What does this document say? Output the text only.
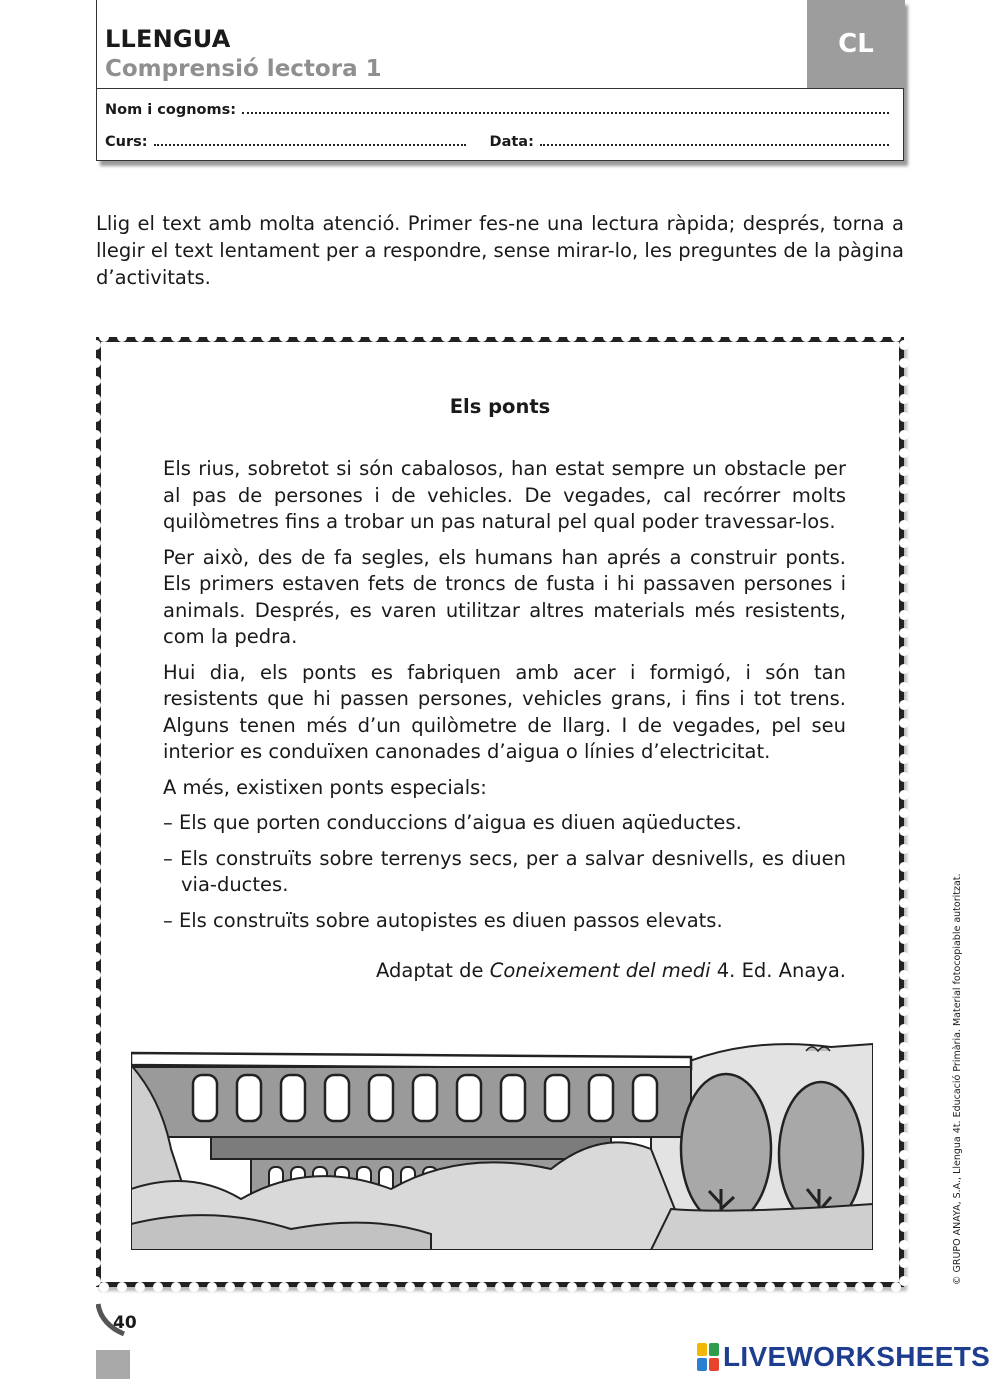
LLENGUA
Comprensió lectora 1
CL
Nom i cognoms:
Curs:	Data:
Llig el text amb molta atenció. Primer fes-ne una lectura ràpida; després, torna a llegir el text lentament per a respondre, sense mirar-lo, les preguntes de la pàgina d’activitats.
Els ponts

Els rius, sobretot si són cabalosos, han estat sempre un obstacle per al pas de persones i de vehicles. De vegades, cal recórrer molts quilòmetres fins a trobar un pas natural pel qual poder travessar-los.

Per això, des de fa segles, els humans han aprés a construir ponts. Els primers estaven fets de troncs de fusta i hi passaven persones i animals. Després, es varen utilitzar altres materials més resistents, com la pedra.

Hui dia, els ponts es fabriquen amb acer i formigó, i són tan resistents que hi passen persones, vehicles grans, i fins i tot trens. Alguns tenen més d’un quilòmetre de llarg. I de vegades, pel seu interior es conduïxen canonades d’aigua o línies d’electricitat.

A més, existixen ponts especials:

– Els que porten conduccions d’aigua es diuen aqüeductes.

– Els construïts sobre terrenys secs, per a salvar desnivells, es diuen via-ductes.

– Els construïts sobre autopistes es diuen passos elevats.

Adaptat de Coneixement del medi 4. Ed. Anaya.	© GRUPO ANAYA, S.A., Llengua 4t. Educació Primària. Material fotocopiable autoritzat.
40
LIVEWORKSHEETS
